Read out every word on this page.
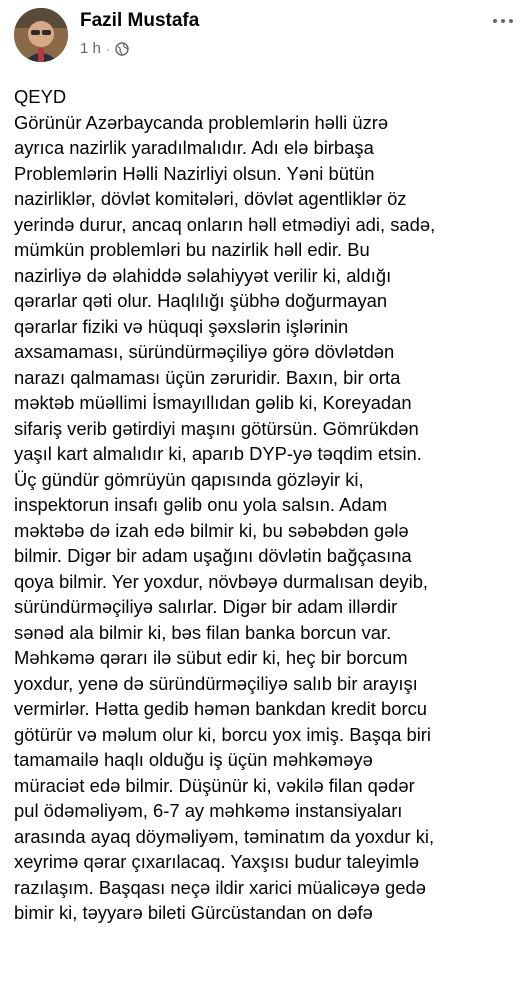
Fazil Mustafa
1 h ·
QEYD
Görünür Azərbaycanda problemlərin həlli üzrə
ayrıca nazirlik yaradılmalıdır. Adı elə birbaşa
Problemlərin Həlli Nazirliyi olsun. Yəni bütün
nazirliklər, dövlət komitələri, dövlət agentliklər öz
yerində durur, ancaq onların həll etmədiyi adi, sadə,
mümkün problemləri bu nazirlik həll edir. Bu
nazirliyə də əlahiddə səlahiyyət verilir ki, aldığı
qərarlar qəti olur. Haqlılığı şübhə doğurmayan
qərarlar fiziki və hüquqi şəxslərin işlərinin
axsamaması, süründürməçiliyə görə dövlətdən
narazı qalmaması üçün zəruridir. Baxın, bir orta
məktəb müəllimi İsmayıllıdan gəlib ki, Koreyadan
sifariş verib gətirdiyi maşını götürsün. Gömrükdən
yaşıl kart almalıdır ki, aparıb DYP-yə təqdim etsin.
Üç gündür gömrüyün qapısında gözləyir ki,
inspektorun insafı gəlib onu yola salsın. Adam
məktəbə də izah edə bilmir ki, bu səbəbdən gələ
bilmir. Digər bir adam uşağını dövlətin bağçasına
qoya bilmir. Yer yoxdur, növbəyə durmalısan deyib,
süründürməçiliyə salırlar. Digər bir adam illərdir
sənəd ala bilmir ki, bəs filan banka borcun var.
Məhkəmə qərarı ilə sübut edir ki, heç bir borcum
yoxdur, yenə də süründürməçiliyə salıb bir arayışı
vermirlər. Hətta gedib həmən bankdan kredit borcu
götürür və məlum olur ki, borcu yox imiş. Başqa biri
tamamailə haqlı olduğu iş üçün məhkəməyə
müraciət edə bilmir. Düşünür ki, vəkilə filan qədər
pul ödəməliyəm, 6-7 ay məhkəmə instansiyaları
arasında ayaq döyməliyəm, təminatım da yoxdur ki,
xeyrimə qərar çıxarılacaq. Yaxşısı budur taleyimlə
razılaşım. Başqası neçə ildir xarici müalicəyə gedə
bimir ki, təyyarə bileti Gürcüstandan on dəfə
